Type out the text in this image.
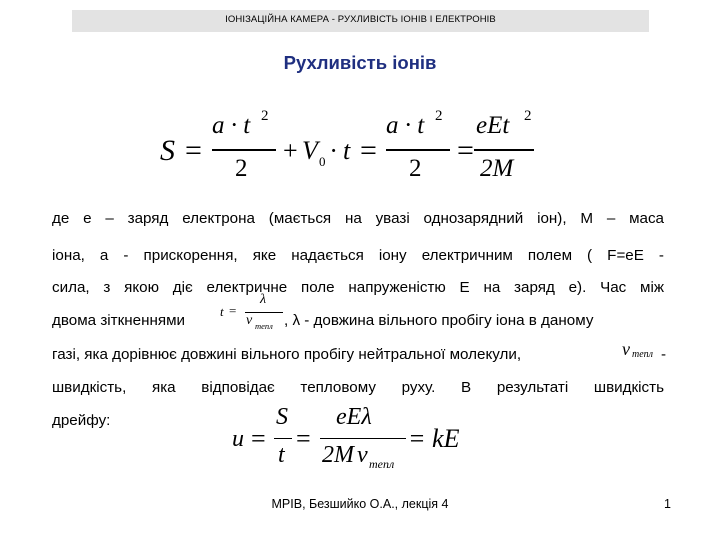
ІОНІЗАЦІЙНА КАМЕРА - РУХЛИВІСТЬ ІОНІВ І ЕЛЕКТРОНІВ
Рухливість іонів
S =
a · t 2
2
+ V 0 · t =
a · t 2
2
=
eEt 2
2M
де е – заряд електрона (мається на увазі однозарядний іон), М – маса
іона, а - прискорення, яке надається іону електричним полем ( F=eE -
сила, з якою діє електричне поле напруженістю Е на заряд е). Час між
двома зіткненнями
t =
λ
v тепл , λ - довжина вільного пробігу іона в даному
газі, яка дорівнює довжині вільного пробігу нейтральної молекули,	v тепл -
швидкість, яка відповідає тепловому руху. В результаті швидкість
дрейфу:
u =
S
t
=
eEλ
2M v тепл
= kE
МРІВ, Безшийко О.А., лекція 4	1
